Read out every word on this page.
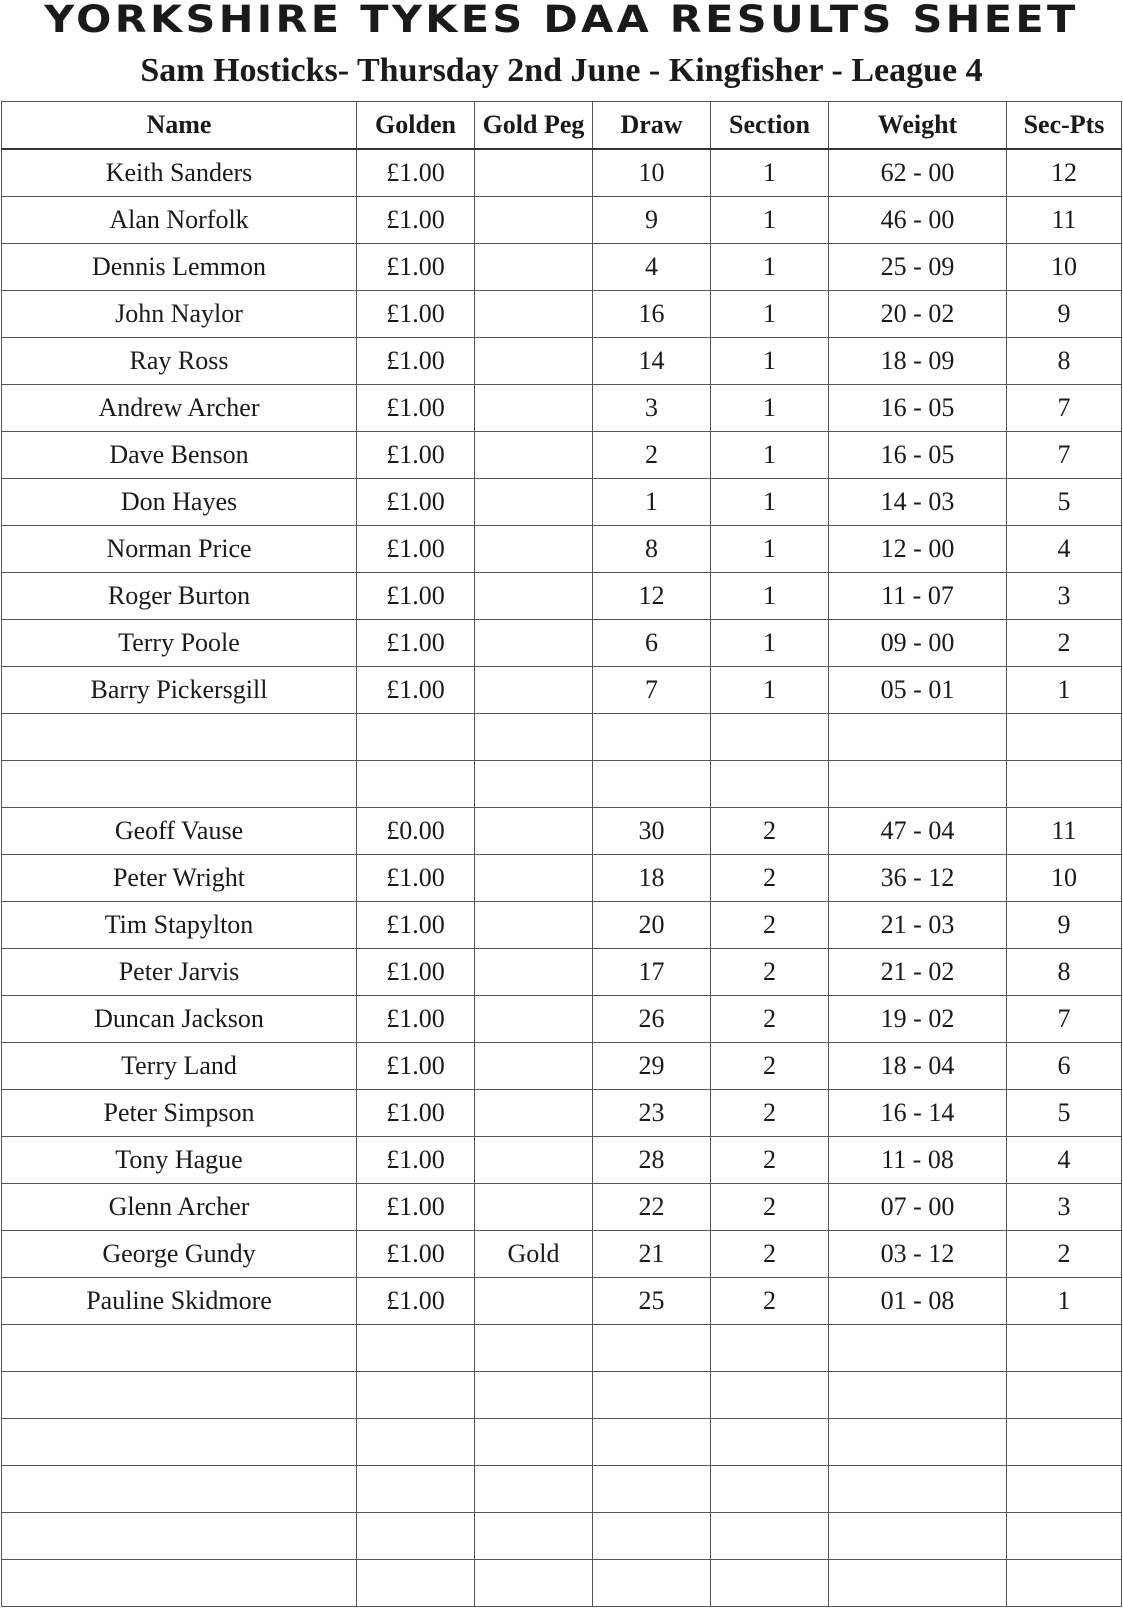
YORKSHIRE TYKES DAA RESULTS SHEET
Sam Hosticks- Thursday 2nd June - Kingfisher - League 4
Name	Golden	Gold Peg	Draw	Section	Weight	Sec-Pts
Keith Sanders	£1.00		10	1	62 - 00	12
Alan Norfolk	£1.00		9	1	46 - 00	11
Dennis Lemmon	£1.00		4	1	25 - 09	10
John Naylor	£1.00		16	1	20 - 02	9
Ray Ross	£1.00		14	1	18 - 09	8
Andrew Archer	£1.00		3	1	16 - 05	7
Dave Benson	£1.00		2	1	16 - 05	7
Don Hayes	£1.00		1	1	14 - 03	5
Norman Price	£1.00		8	1	12 - 00	4
Roger Burton	£1.00		12	1	11 - 07	3
Terry Poole	£1.00		6	1	09 - 00	2
Barry Pickersgill	£1.00		7	1	05 - 01	1

Geoff Vause	£0.00		30	2	47 - 04	11
Peter Wright	£1.00		18	2	36 - 12	10
Tim Stapylton	£1.00		20	2	21 - 03	9
Peter Jarvis	£1.00		17	2	21 - 02	8
Duncan Jackson	£1.00		26	2	19 - 02	7
Terry Land	£1.00		29	2	18 - 04	6
Peter Simpson	£1.00		23	2	16 - 14	5
Tony Hague	£1.00		28	2	11 - 08	4
Glenn Archer	£1.00		22	2	07 - 00	3
George Gundy	£1.00	Gold	21	2	03 - 12	2
Pauline Skidmore	£1.00		25	2	01 - 08	1
